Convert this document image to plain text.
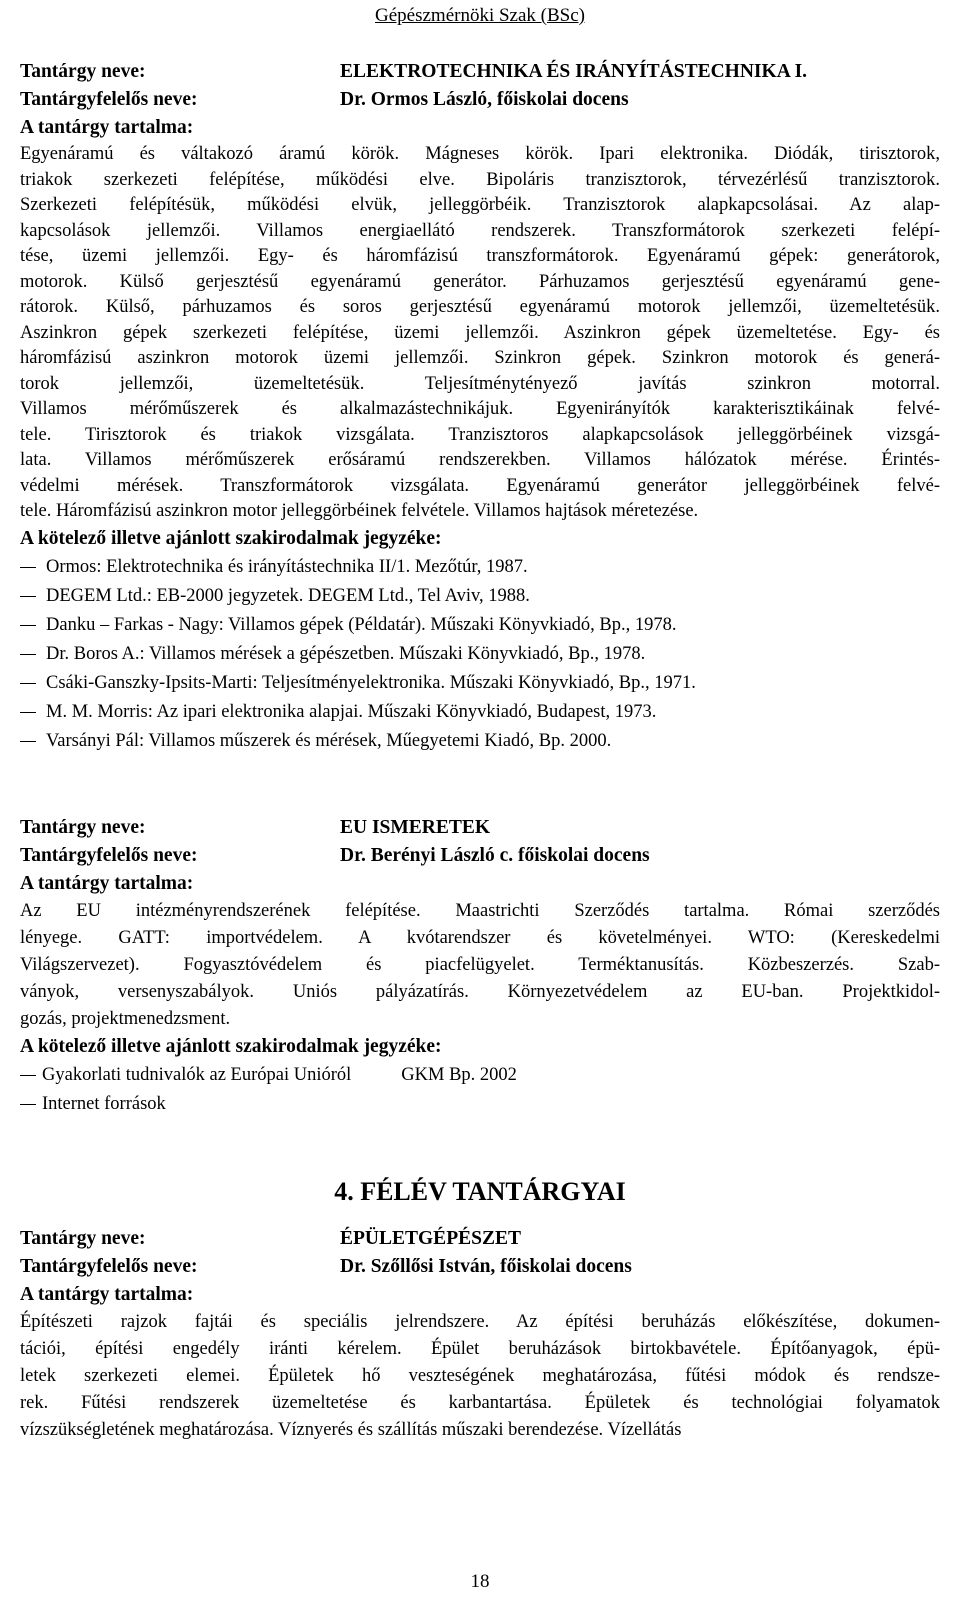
Gépészmérnöki Szak (BSc)
Tantárgy neve:	ELEKTROTECHNIKA ÉS IRÁNYÍTÁSTECHNIKA I.
Tantárgyfelelős neve:	Dr. Ormos László, főiskolai docens
A tantárgy tartalma:
Egyenáramú és váltakozó áramú körök. Mágneses körök. Ipari elektronika. Diódák, tirisztorok,
triakok szerkezeti felépítése, működési elve. Bipoláris tranzisztorok, térvezérlésű tranzisztorok.
Szerkezeti felépítésük, működési elvük, jelleggörbéik. Tranzisztorok alapkapcsolásai. Az alap-
kapcsolások jellemzői. Villamos energiaellátó rendszerek. Transzformátorok szerkezeti felépí-
tése, üzemi jellemzői. Egy- és háromfázisú transzformátorok. Egyenáramú gépek: generátorok,
motorok. Külső gerjesztésű egyenáramú generátor. Párhuzamos gerjesztésű egyenáramú gene-
rátorok. Külső, párhuzamos és soros gerjesztésű egyenáramú motorok jellemzői, üzemeltetésük.
Aszinkron gépek szerkezeti felépítése, üzemi jellemzői. Aszinkron gépek üzemeltetése. Egy- és
háromfázisú aszinkron motorok üzemi jellemzői. Szinkron gépek. Szinkron motorok és generá-
torok jellemzői, üzemeltetésük. Teljesítménytényező javítás szinkron motorral.
Villamos mérőműszerek és alkalmazástechnikájuk. Egyenirányítók karakterisztikáinak felvé-
tele. Tirisztorok és triakok vizsgálata. Tranzisztoros alapkapcsolások jelleggörbéinek vizsgá-
lata. Villamos mérőműszerek erősáramú rendszerekben. Villamos hálózatok mérése. Érintés-
védelmi mérések. Transzformátorok vizsgálata. Egyenáramú generátor jelleggörbéinek felvé-
tele. Háromfázisú aszinkron motor jelleggörbéinek felvétele. Villamos hajtások méretezése.
A kötelező illetve ajánlott szakirodalmak jegyzéke:
Ormos: Elektrotechnika és irányítástechnika II/1. Mezőtúr, 1987.
DEGEM Ltd.: EB-2000 jegyzetek. DEGEM Ltd., Tel Aviv, 1988.
Danku – Farkas - Nagy: Villamos gépek (Példatár). Műszaki Könyvkiadó, Bp., 1978.
Dr. Boros A.: Villamos mérések a gépészetben. Műszaki Könyvkiadó, Bp., 1978.
Csáki-Ganszky-Ipsits-Marti: Teljesítményelektronika. Műszaki Könyvkiadó, Bp., 1971.
M. M. Morris: Az ipari elektronika alapjai. Műszaki Könyvkiadó, Budapest, 1973.
Varsányi Pál: Villamos műszerek és mérések, Műegyetemi Kiadó, Bp. 2000.
Tantárgy neve:	EU ISMERETEK
Tantárgyfelelős neve:	Dr. Berényi László c. főiskolai docens
A tantárgy tartalma:
Az EU intézményrendszerének felépítése. Maastrichti Szerződés tartalma. Római szerződés
lényege. GATT: importvédelem. A kvótarendszer és követelményei. WTO: (Kereskedelmi
Világszervezet). Fogyasztóvédelem és piacfelügyelet. Terméktanusítás. Közbeszerzés. Szab-
ványok, versenyszabályok. Uniós pályázatírás. Környezetvédelem az EU-ban. Projektkidol-
gozás, projektmenedzsment.
A kötelező illetve ajánlott szakirodalmak jegyzéke:
Gyakorlati tudnivalók az Európai Unióról	GKM Bp. 2002
Internet források
4. FÉLÉV TANTÁRGYAI
Tantárgy neve:	ÉPÜLETGÉPÉSZET
Tantárgyfelelős neve:	Dr. Szőllősi István, főiskolai docens
A tantárgy tartalma:
Építészeti rajzok fajtái és speciális jelrendszere. Az építési beruházás előkészítése, dokumen-
tációi, építési engedély iránti kérelem. Épület beruházások birtokbavétele. Építőanyagok, épü-
letek szerkezeti elemei. Épületek hő veszteségének meghatározása, fűtési módok és rendsze-
rek. Fűtési rendszerek üzemeltetése és karbantartása. Épületek és technológiai folyamatok
vízszükségletének meghatározása. Víznyerés és szállítás műszaki berendezése. Vízellátás
18
